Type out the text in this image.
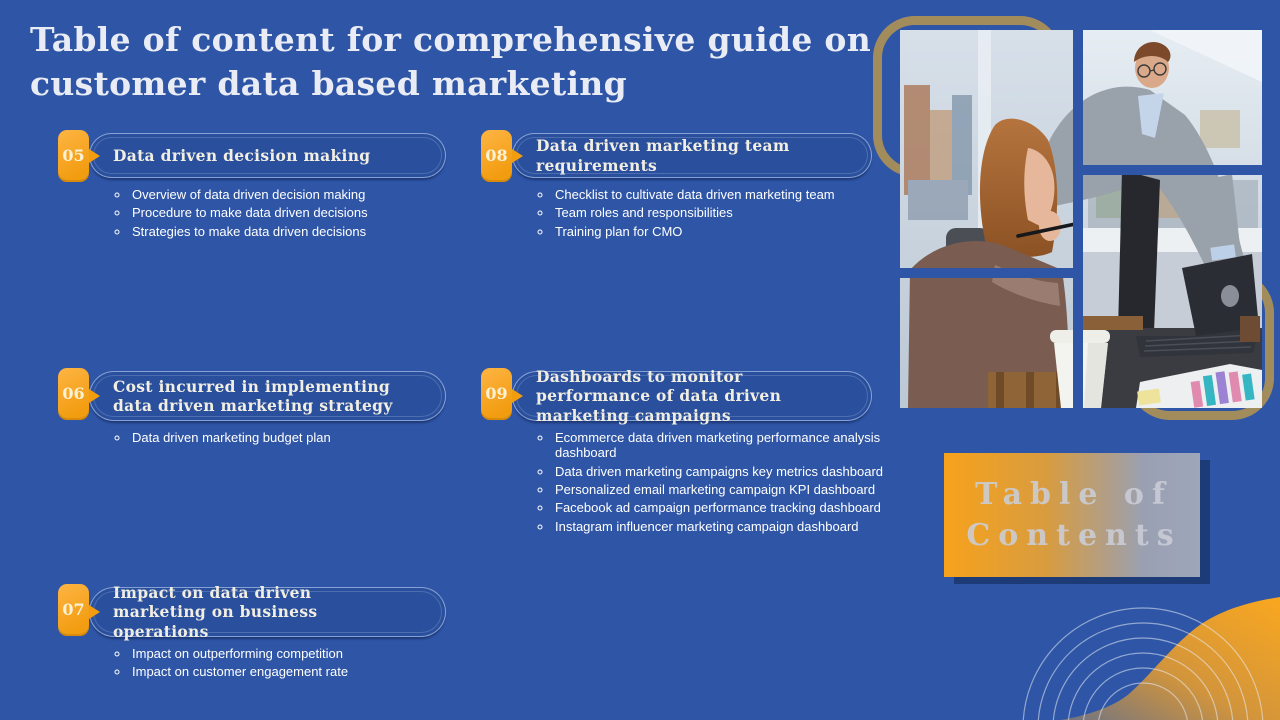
Table of content for comprehensive guide on customer data based marketing
05	Data driven decision making
◦ Overview of data driven decision making
◦ Procedure to make data driven decisions
◦ Strategies to make data driven decisions
08	Data driven marketing team requirements
◦ Checklist to cultivate data driven marketing team
◦ Team roles and responsibilities
◦ Training plan for CMO
06	Cost incurred in implementing data driven marketing strategy
◦ Data driven marketing budget plan
09
Dashboards to monitor performance of data driven marketing campaigns
◦ Ecommerce data driven marketing performance analysis dashboard
◦ Data driven marketing campaigns key metrics dashboard
◦ Personalized email marketing campaign KPI dashboard
◦ Facebook ad campaign performance tracking dashboard
◦ Instagram influencer marketing campaign dashboard
07
Impact on data driven marketing on business operations
◦ Impact on outperforming competition
◦ Impact on customer engagement rate
Table of
Contents
